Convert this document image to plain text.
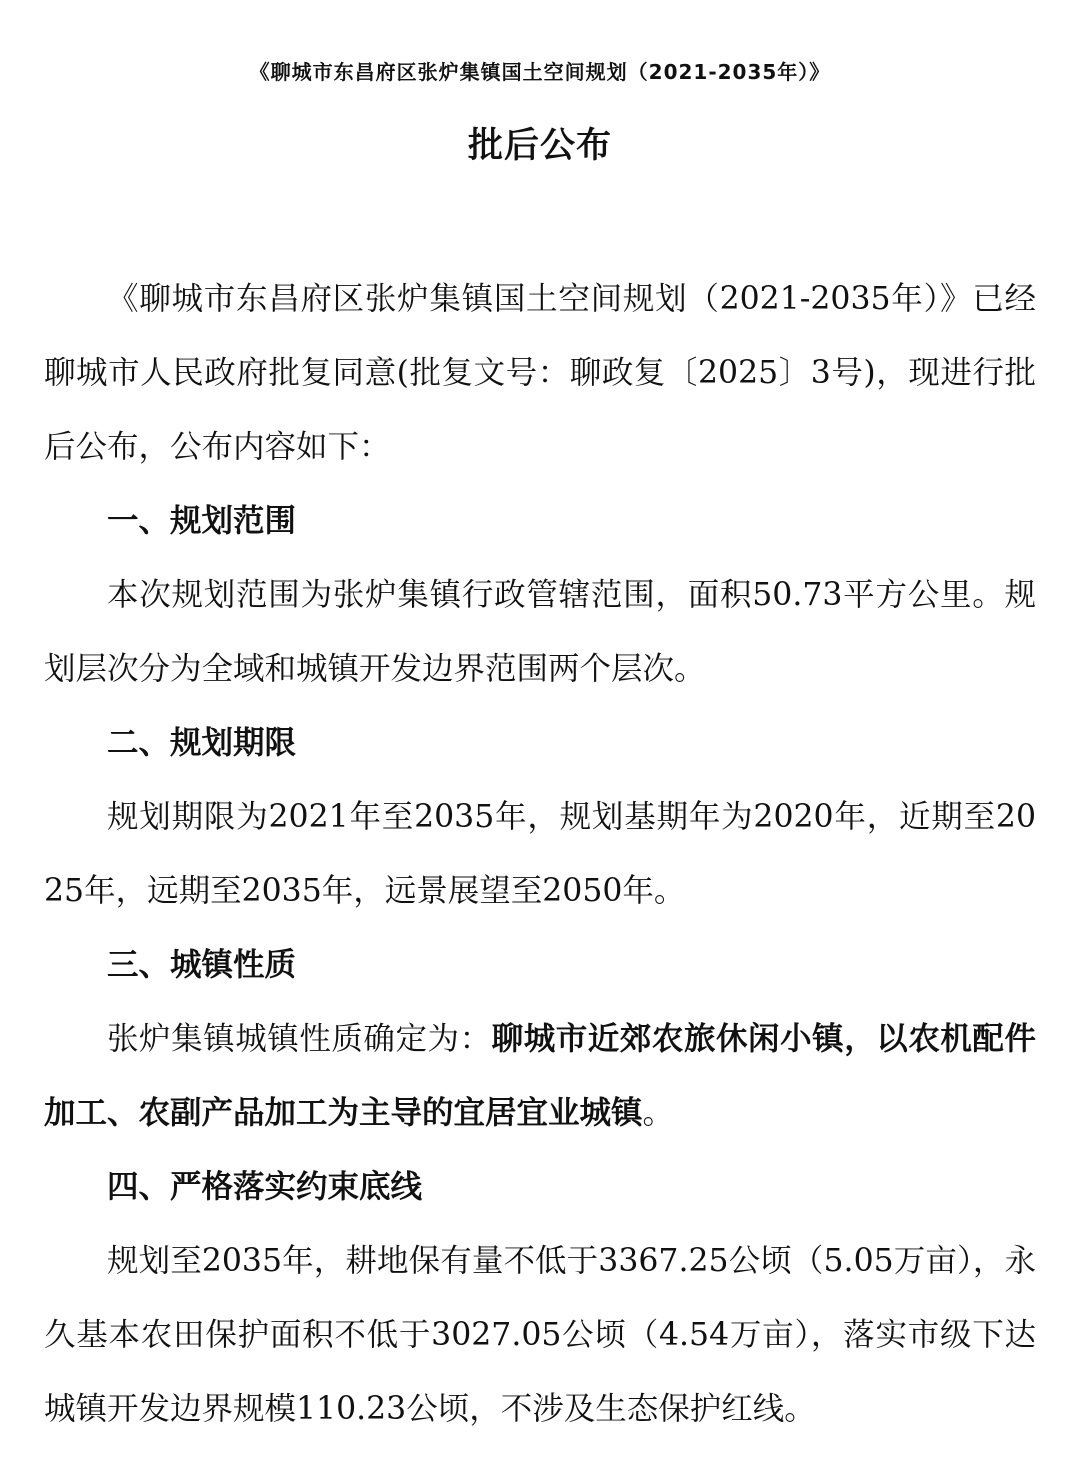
《聊城市东昌府区张炉集镇国土空间规划（2021-2035年）》
批后公布

《聊城市东昌府区张炉集镇国土空间规划（2021-2035年）》已经聊城市人民政府批复同意(批复文号：聊政复〔2025〕3号)，现进行批后公布，公布内容如下：

一、规划范围

本次规划范围为张炉集镇行政管辖范围，面积50.73平方公里。规划层次分为全域和城镇开发边界范围两个层次。

二、规划期限

规划期限为2021年至2035年，规划基期年为2020年，近期至2025年，远期至2035年，远景展望至2050年。

三、城镇性质

张炉集镇城镇性质确定为：聊城市近郊农旅休闲小镇，以农机配件 加工、农副产品加工为主导的宜居宜业城镇。

四、严格落实约束底线

规划至2035年，耕地保有量不低于3367.25公顷（5.05万亩），永久基本农田保护面积不低于3027.05公顷（4.54万亩），落实市级下达城镇开发边界规模110.23公顷，不涉及生态保护红线。
